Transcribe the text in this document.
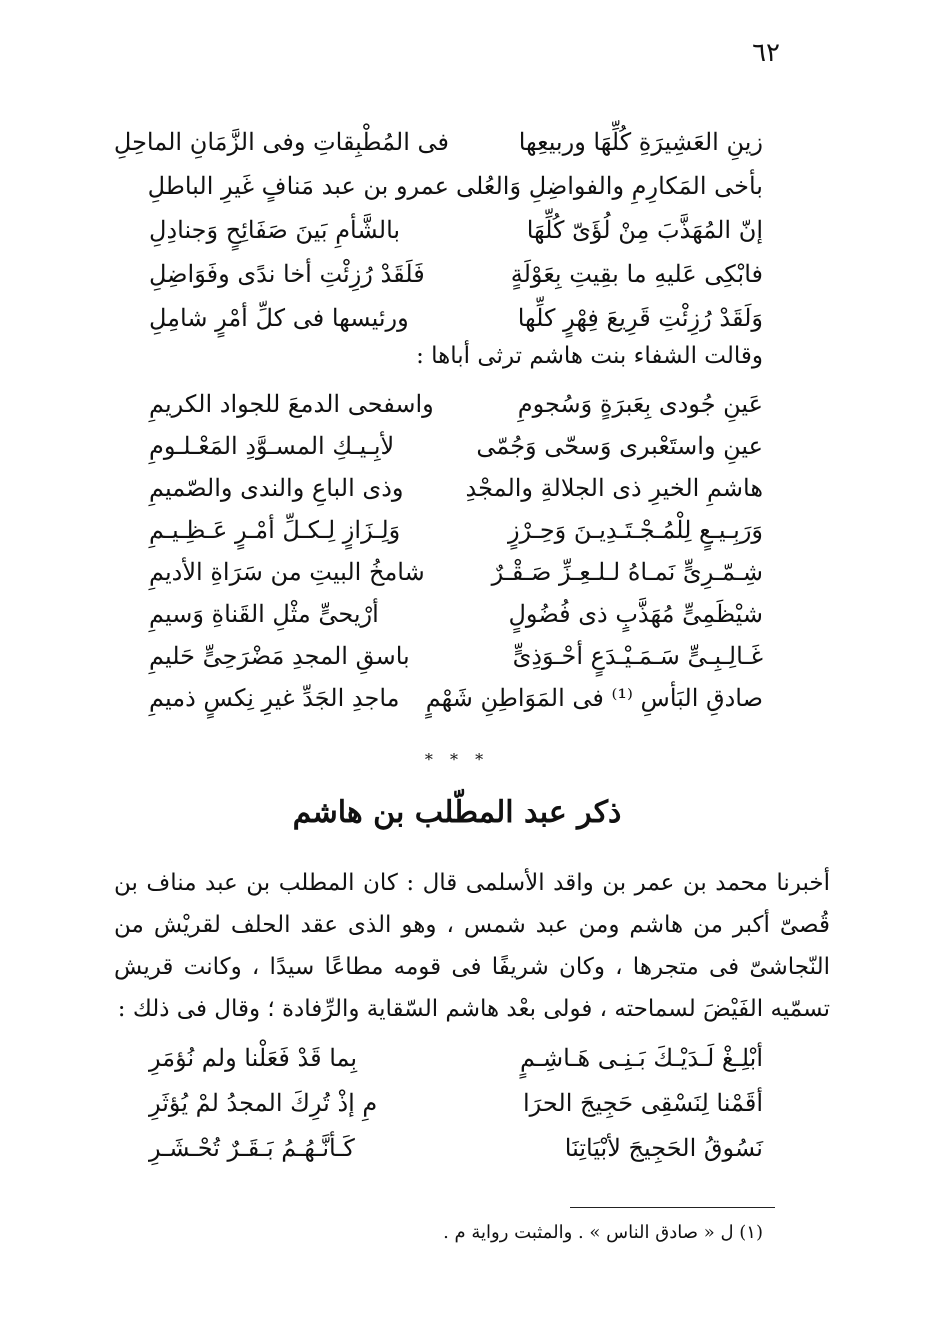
٦٢
زينِ العَشِيرَةِ كُلِّهَا وربيعِها
فى المُطْبِقاتِ وفى الزَّمَانِ الماحِلِ
بأخى المَكارِمِ والفواضِلِ وَالعُلى
عمرو بن عبد مَنافٍ غَيرِ الباطلِ
إنّ المُهَذَّبَ مِنْ لُؤَىّ كُلِّهَا
بالشَّأمِ بَينَ صَفَائِحٍ وَجنادِلِ
فابْكِى عَليهِ ما بقِيتِ بِعَوْلَةٍ
فَلَقَدْ رُزِئْتِ أخا ندًى وفَوَاضِلِ
وَلَقَدْ رُزِئْتِ قَرِيعَ فِهْرٍ كلِّها
ورئيسها فى كلِّ أمْرٍ شامِلِ
وقالت الشفاء بنت هاشم ترثى أباها :
عَينِ جُودى بِعَبرَةٍ وَسُجومِ
واسفحى الدمعَ للجواد الكريمِ
عينِ واستَعْبرى وَسحّى وَجُمّى
لأبِـيـكِ المسـوَّدِ المَعْـلـومِ
هاشمِ الخيرِ ذى الجلالةِ والمجْدِ
وذى الباعِ والندى والصّميمِ
وَرَبِـيـعٍ لِلْمُـجْـتَـدِيـنَ وَحِـرْزٍ
وَلِـزَازٍ لِـكـلِّ أمْـرٍ عَـظِـيـمِ
شِـمّـرِىٍّ نَمـاهُ لـلـعِـزِّ صَـقْـرٌ
شامخُ البيتِ من سَرَاةِ الأديمِ
شيْظَمِىٍّ مُهَذَّبٍ ذى فُضُولٍ
أرْيحىٍّ مثْلِ القَناةِ وَسيمِ
غَـالِـبِـىٍّ سَـمَـيْـدَعٍ أحْـوَذِىٍّ
باسقِ المجدِ مَضْرَحِىٍّ حَليمِ
صادقِ البَأسِ ⁽¹⁾ فى المَوَاطِنِ شَهْمٍ
ماجدِ الجَدِّ غيرِ نِكسٍ ذميمِ
* * *
ذكر عبد المطّلب بن هاشم
أخبرنا محمد بن عمر بن واقد الأسلمى قال : كان المطلب بن عبد مناف بن قُصىّ أكبر من هاشم ومن عبد شمس ، وهو الذى عقد الحلف لقريْش من النّجاشىّ فى متجرها ، وكان شريفًا فى قومه مطاعًا سيدًا ، وكانت قريش تسمّيه الفَيْضَ لسماحته ، فولى بعْد هاشم السّقاية والرِّفادة ؛ وقال فى ذلك :
أبْلِـغْ لَـدَيْـكَ بَـنِـى هَـاشِـمٍ
بِما قَدْ فَعَلْنا ولم نُؤمَرِ
أقَمْنا لِنَسْقِى حَجِيجَ الحرَا
مِ إذْ تُرِكَ المجدُ لمْ يُؤثَرِ
نَسُوقُ الحَجِيجَ لأبْيَاتِنَا
كَـأنَّـهُـمُ بَـقَـرٌ تُحْـشَـرِ
(١) ل « صادق الناس » . والمثبت رواية م .
